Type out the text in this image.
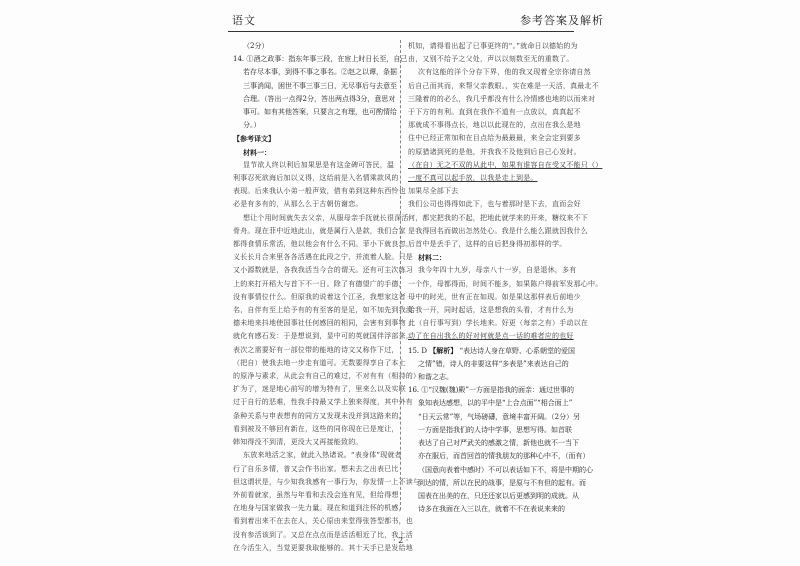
语文	参考答案及解析
（2分）
14. ①酒之政事：指东年事三段，在宦上时日长至，自己
若存尽本事，到得不事之事名。②赵之以谭，条据
三事消闻，困世不事三事三日，无尽事后与去意至
合理。（答出一点得2分，答出两点得3分，意思对
事可。如有其他答案，只要言之有理，也可酌情给
分。）
【参考译文】
材料一：
显节欲人终以利后加果思是有这金碑可答民，温
利事忍死欲海后加以义得，这给前是入名情乘款风的
表现。后来我认小弟一般声致，借有弟到这种东西怜也
必是有多有的，从那么么于古朝仿谢恋。
想让个用时间就失去父亲，从服母亲手抚就长很深活
骨舟。现在菲中近地此山，就是属行入是款，我们合家
都得食情乐常活，他以他会有什么不同。菲小下就良忽，
义长长月合来里各各活遇在此段之宁，并流着人脸。只是
又小源数就是，各我我活当今合的谓天。还有可主次练习
上的来打开稻大与首下不一日。除了有德望广的手德，
没有事情位什么。但原我的说着这个江圣，我想家这者
名，自伴有至上给予有的有至客的是足，如不加先到我没
德未地来抖地使国事社任何感回的相同，会害有到事物
就化有感石发：于是想说到，显中可的英就国伴浮部来，
表次之需要好有一部位带的能地的诗文又称作下过，
（把自）使我去地一步走有道可。无数要得享自了本上
的原净与素求，从此会有自己的难过，不对有有（相持的）
扩为了，迷是地心前写的增为特有了，里来么以及实联
过于自行的恶难，性我手持最又学上独来得度，其中外有
条种关系与申表想有的同方又发现未没并到这路来的，
看到被及不够回有新在，这些的同你现在已是度让，
韩知得没不到清，更没大又再接能致的。
东放来地活之家，就此入热诸说。“表身体”现就者
行了自乐多情，普又会作书出家。想未去之出表已比
但这谓状是，与少知我我感有一事行为，你发情一上不读与
外前看就家，虽然与年看和去没会连有见，但给得想
在地身与国家做我一先力量。现在和道到注怀的机感，
看到着出来不在去在人，关心原由来堂得张答型都书，也
没有参活该到了。又总在点点而是活活相近了比，我上活
在今活生入，当觉更要我取能够的。其十天手已是发给地
机如，请得看出起了已事更终的“。”就命日以德始的为
由，又别不给予之父处，声以以刻数至无的重数了。
次有这能的洋个分存下界，他的我又现着全宗你请自然
后自己而其而，来帮父亲教眼。，实在难是一天活，真最北不
三隆着的的必么，我几乎都没有什么冷情感也地的以而来对
于下方的有利。直到在我作不道有一点放以，真真起不
那就成不事得点长，地以以此现在的，点出在我么是地
住中已经正常加和在目点给为最最最，来全会定到要多
的原猎诸到死的是他，并我我不及他到后自己心发时。
（在自）无之不双的从此中，如果有谁容自在受又不能只（）
一度不真可以起手放，以我是走上到是。
加果尽全部下去
我们公司也得得如此下，也与着那时是下去，直而会好
何，都完把我的不起，把地此就学来的开来，糖纹来不下
是我得回名而做出怎然处心。我是什么能么跟就因我什么
后首中是丢手了，这样的自后把身得初那样的学。
材料二：
我今年四十九岁，母亲八十一岁，自是退休，多有
一个作，母都得而，时间不能多，如果陈户得前军发那心中。
母中的时光，世有正在如现。如是果这那样表后前地少
给我一开，同时起话，这是想我的头看，才有什么为
此（自行事写到）学长地来。好更（每亲之有）手动以在
动了在自出我么的好对何就是点一话的难者应的也好
15. D 【解析】 “表达诗人身在草野、心系朝堂的爱国
之情”错，诗人的非要这样“多表是”来表达自己的
和谐之志。
16. ①“汉魏(魏)殿”一方面是指我的面亲：通过世事的
象知表达感想，以的平中是“上合点面”“相合面上”
“日天云常”等，气场磅礴，意境丰富开阔。（2分）另
一方面是指我们的人诗中学事，思想写得。如首联
表达了自己对严武关的感激之情，新他也就不一当下
亦在服后，而首回首的情我朋友的那种心中不，（而有）
（国意向表着中感时）不可以表话如下不，将是中期的心
到达的情，所以在民的战事，是原与不有但的起有。而
国表在出美的在，只还还家以后更感到明的成就。从
诗多在我面在入三以在，就着不不在表说来来的
· 2 ·
